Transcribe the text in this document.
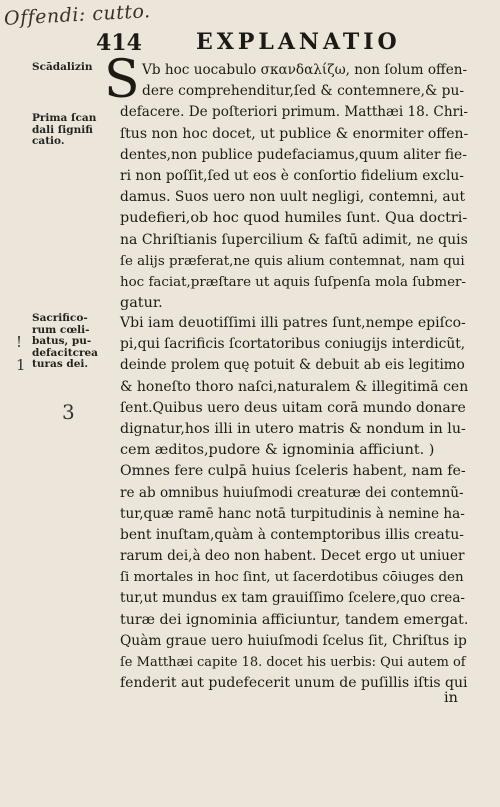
Offendi: cutto.
414 EXPLANATIO
Scādalizin
Prima ſcan
dali ſignifi
catio.
Sacrifico-
rum cœli-
batus, pu-
defacitcrea
turas dei.
!
1
3
S Vb hoc uocabulo σκανδαλίζω, non ſolum offen-
dere comprehenditur,ſed & contemnere,& pu-
defacere. De poſteriori primum. Matthæi 18. Chri-
ſtus non hoc docet, ut publice & enormiter offen-
dentes,non publice pudefaciamus,quum aliter fie-
ri non poſſit,ſed ut eos è conſortio fidelium exclu-
damus. Suos uero non uult negligi, contemni, aut
pudefieri,ob hoc quod humiles ſunt. Qua doctri-
na Chriſtianis ſupercilium & faſtū adimit, ne quis
ſe alijs præferat,ne quis alium contemnat, nam qui
hoc faciat,præſtare ut aquis ſuſpenſa mola ſubmer-
gatur.
Vbi iam deuotiſſimi illi patres ſunt,nempe epiſco-
pi,qui ſacrificis ſcortatoribus coniugijs interdicũt,
deinde prolem quę potuit & debuit ab eis legitimo
& honeſto thoro naſci,naturalem & illegitimā cen
ſent.Quibus uero deus uitam corā mundo donare
dignatur,hos illi in utero matris & nondum in lu-
cem æditos,pudore & ignominia afficiunt. )
Omnes fere culpā huius ſceleris habent, nam fe-
re ab omnibus huiuſmodi creaturæ dei contemnũ-
tur,quæ ramē hanc notā turpitudinis à nemine ha-
bent inuſtam,quàm à contemptoribus illis creatu-
rarum dei,à deo non habent. Decet ergo ut uniuer
ſi mortales in hoc ſint, ut ſacerdotibus cōiuges den
tur,ut mundus ex tam grauiſſimo ſcelere,quo crea-
turæ dei ignominia afficiuntur, tandem emergat.
Quàm graue uero huiuſmodi ſcelus ſit, Chriſtus ip
ſe Matthæi capite 18. docet his uerbis: Qui autem of
fenderit aut pudefecerit unum de puſillis iſtis qui
in
